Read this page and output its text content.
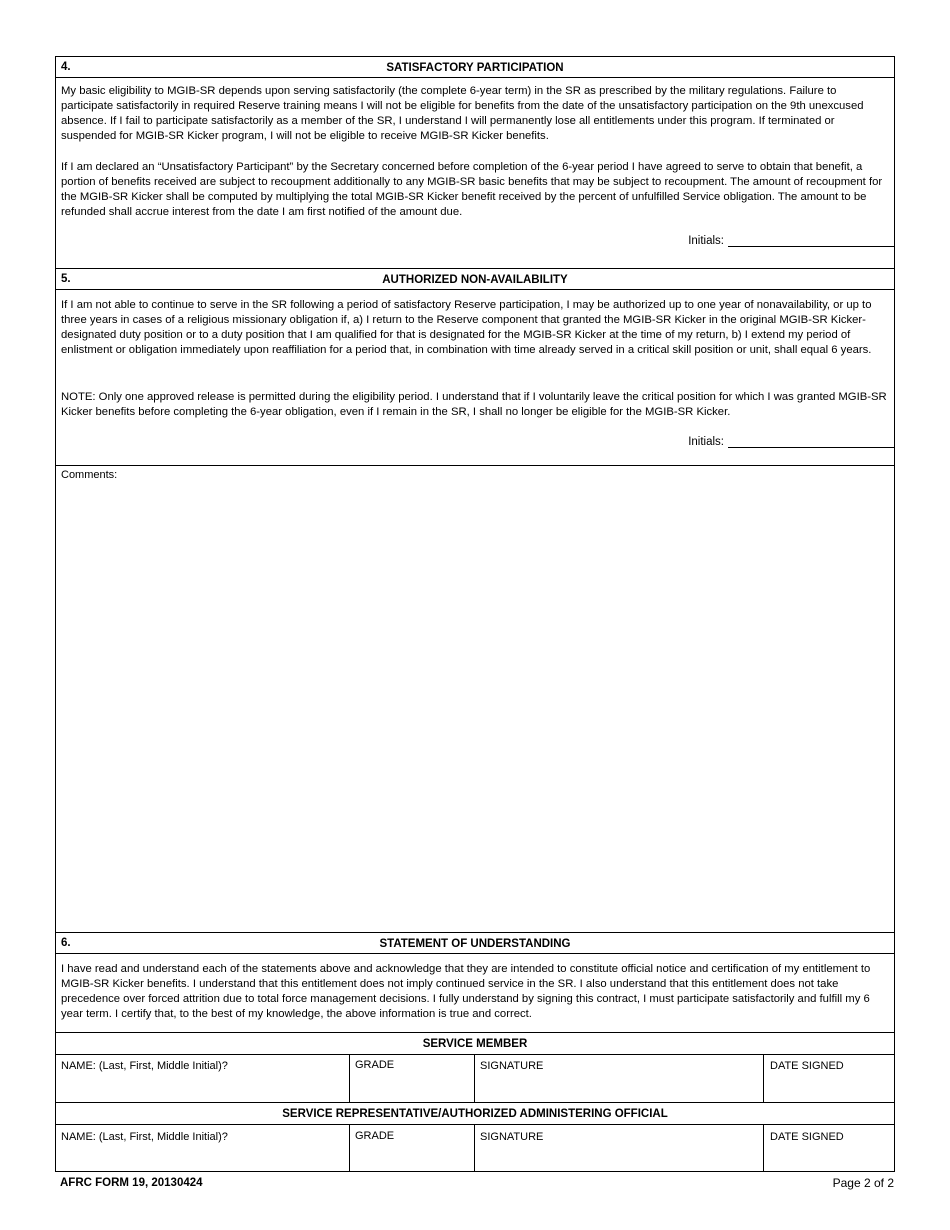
4.	SATISFACTORY PARTICIPATION

My basic eligibility to MGIB-SR depends upon serving satisfactorily (the complete 6-year term) in the SR as prescribed by the military regulations. Failure to participate satisfactorily in required Reserve training means I will not be eligible for benefits from the date of the unsatisfactory participation on the 9th unexcused absence. If I fail to participate satisfactorily as a member of the SR, I understand I will permanently lose all entitlements under this program. If terminated or suspended for MGIB-SR Kicker program, I will not be eligible to receive MGIB-SR Kicker benefits.

If I am declared an “Unsatisfactory Participant” by the Secretary concerned before completion of the 6-year period I have agreed to serve to obtain that benefit, a portion of benefits received are subject to recoupment additionally to any MGIB-SR basic benefits that may be subject to recoupment. The amount of recoupment for the MGIB-SR Kicker shall be computed by multiplying the total MGIB-SR Kicker benefit received by the percent of unfulfilled Service obligation. The amount to be refunded shall accrue interest from the date I am first notified of the amount due.

Initials:
5.	AUTHORIZED NON-AVAILABILITY

If I am not able to continue to serve in the SR following a period of satisfactory Reserve participation, I may be authorized up to one year of nonavailability, or up to three years in cases of a religious missionary obligation if, a) I return to the Reserve component that granted the MGIB-SR Kicker in the original MGIB-SR Kicker-designated duty position or to a duty position that I am qualified for that is designated for the MGIB-SR Kicker at the time of my return, b) I extend my period of enlistment or obligation immediately upon reaffiliation for a period that, in combination with time already served in a critical skill position or unit, shall equal 6 years.

NOTE: Only one approved release is permitted during the eligibility period. I understand that if I voluntarily leave the critical position for which I was granted MGIB-SR Kicker benefits before completing the 6-year obligation, even if I remain in the SR, I shall no longer be eligible for the MGIB-SR Kicker.

Initials:
Comments:
6.	STATEMENT OF UNDERSTANDING

I have read and understand each of the statements above and acknowledge that they are intended to constitute official notice and certification of my entitlement to MGIB-SR Kicker benefits. I understand that this entitlement does not imply continued service in the SR. I also understand that this entitlement does not take precedence over forced attrition due to total force management decisions. I fully understand by signing this contract, I must participate satisfactorily and fulfill my 6 year term. I certify that, to the best of my knowledge, the above information is true and correct.

SERVICE MEMBER
NAME: (Last, First, Middle Initial)?	GRADE	SIGNATURE	DATE SIGNED
SERVICE REPRESENTATIVE/AUTHORIZED ADMINISTERING OFFICIAL
NAME: (Last, First, Middle Initial)?	GRADE	SIGNATURE	DATE SIGNED
AFRC FORM 19, 20130424	Page 2 of 2
